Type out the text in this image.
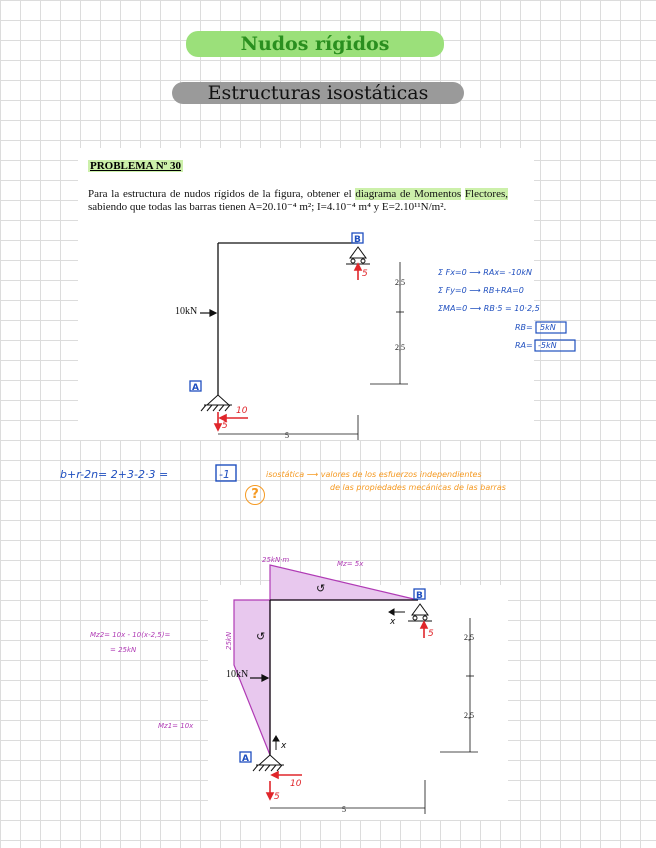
Nudos rígidos
Estructuras isostáticas
PROBLEMA Nº 30
Para la estructura de nudos rígidos de la figura, obtener el diagrama de Momentos Flectores, sabiendo que todas las barras tienen A=20.10⁻⁴ m²; I=4.10⁻⁴ m⁴ y E=2.10¹¹N/m².
?
10kN
B
A
2,5
2,5
5
5
10
5
Σ Fx=0 ⟶ RAx= -10kN
Σ Fy=0 ⟶ RB+RA=0
ΣMA=0 ⟶ RB·5 = 10·2,5
RB= 5kN
RA= -5kN
b+r-2n= 2+3-2·3 =	-1	isostática ⟶ valores de los esfuerzos independientes
de las propiedades mecánicas de las barras
10kN
B
A
2,5
2,5
5
5
10
5
x
x
↺
↺
25kN·m	Mz= 5x
Mz2= 10x - 10(x-2,5)=
= 25kN
Mz1= 10x
25kN
